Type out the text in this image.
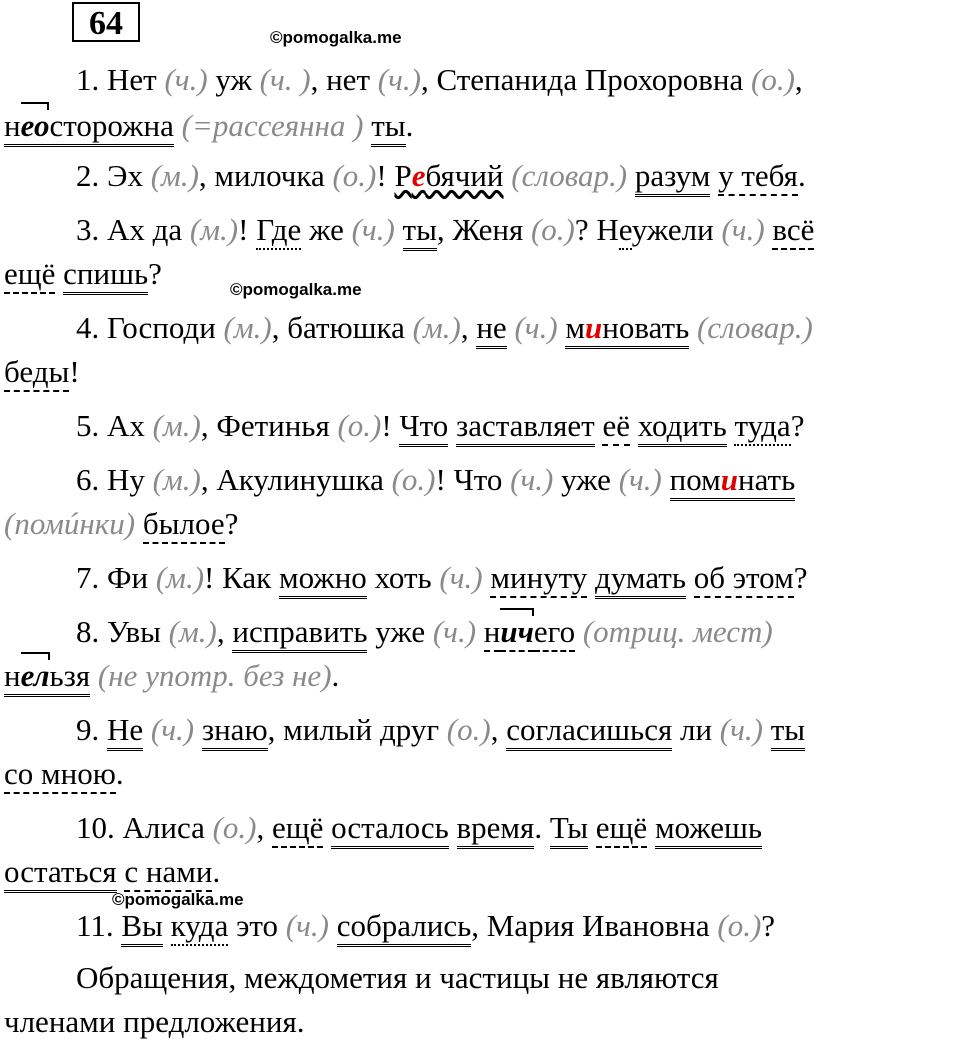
64	©pomogalka.me
©pomogalka.me
©pomogalka.me
1. Нет (ч.) уж (ч. ), нет (ч.), Степанида Прохоровна (о.),
неосторожна (=рассеянна ) ты.
2. Эх (м.), милочка (о.)! Ребячий (словар.) разум у тебя.
3. Ах да (м.)! Где же (ч.) ты, Женя (о.)? Неужели (ч.) всё
ещё спишь?
4. Господи (м.), батюшка (м.), не (ч.) миновать (словар.)
беды!
5. Ах (м.), Фетинья (о.)! Что заставляет её ходить туда?
6. Ну (м.), Акулинушка (о.)! Что (ч.) уже (ч.) поминать
(помúнки) былое?
7. Фи (м.)! Как можно хоть (ч.) минуту думать об этом?
8. Увы (м.), исправить уже (ч.) ничего (отриц. мест)
нельзя (не употр. без не).
9. Не (ч.) знаю, милый друг (о.), согласишься ли (ч.) ты
со мною.
10. Алиса (о.), ещё осталось время. Ты ещё можешь
остаться с нами.
11. Вы куда это (ч.) собрались, Мария Ивановна (о.)?
Обращения, междометия и частицы не являются
членами предложения.
